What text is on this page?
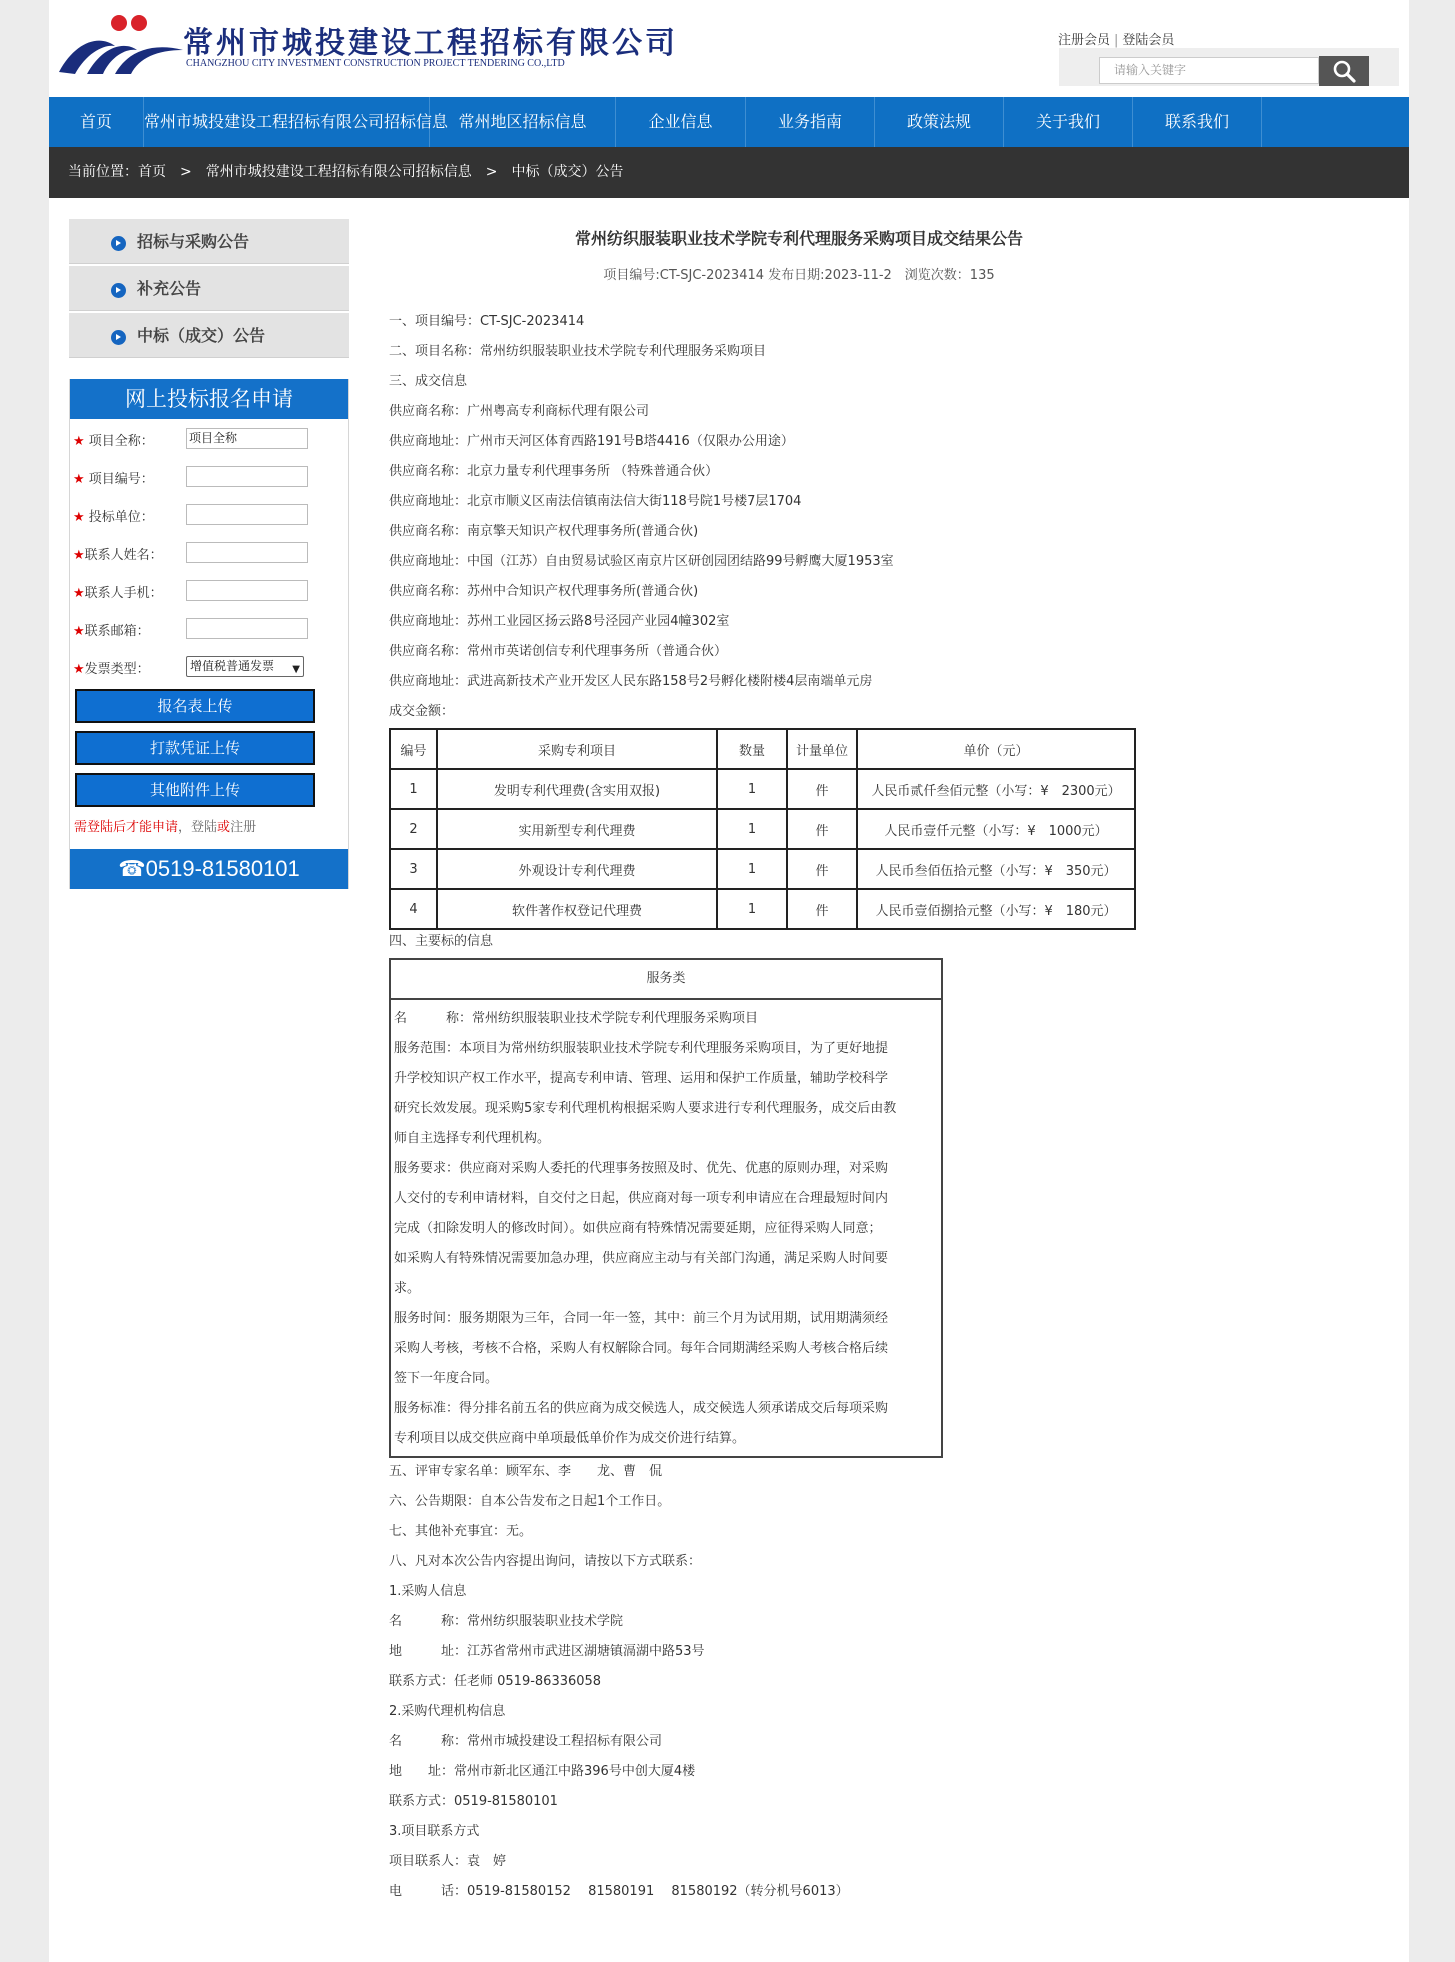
常州市城投建设工程招标有限公司
CHANGZHOU CITY INVESTMENT CONSTRUCTION PROJECT TENDERING CO.,LTD
注册会员 | 登陆会员
请输入关键字
首页	常州市城投建设工程招标有限公司招标信息 常州地区招标信息	企业信息	业务指南	政策法规	关于我们	联系我们
当前位置：首页 > 常州市城投建设工程招标有限公司招标信息 > 中标（成交）公告
招标与采购公告
补充公告
中标（成交）公告
网上投标报名申请
★ 项目全称：	项目全称
★ 项目编号：
★ 投标单位：
★联系人姓名：
★联系人手机：
★联系邮箱：
★发票类型：	增值税普通发票 ▼
报名表上传
打款凭证上传
其他附件上传
需登陆后才能申请，登陆或注册
☎0519-81580101
常州纺织服装职业技术学院专利代理服务采购项目成交结果公告
项目编号:CT-SJC-2023414 发布日期:2023-11-2　浏览次数：135
一、项目编号：CT-SJC-2023414
二、项目名称：常州纺织服装职业技术学院专利代理服务采购项目
三、成交信息
供应商名称：广州粤高专利商标代理有限公司
供应商地址：广州市天河区体育西路191号B塔4416（仅限办公用途）
供应商名称：北京力量专利代理事务所 （特殊普通合伙）
供应商地址：北京市顺义区南法信镇南法信大街118号院1号楼7层1704
供应商名称：南京擎天知识产权代理事务所(普通合伙)
供应商地址：中国（江苏）自由贸易试验区南京片区研创园团结路99号孵鹰大厦1953室
供应商名称：苏州中合知识产权代理事务所(普通合伙)
供应商地址：苏州工业园区扬云路8号泾园产业园4幢302室
供应商名称：常州市英诺创信专利代理事务所（普通合伙）
供应商地址：武进高新技术产业开发区人民东路158号2号孵化楼附楼4层南端单元房
成交金额：
编号	采购专利项目	数量	计量单位	单价（元）
1	发明专利代理费(含实用双报)	1	件	人民币贰仟叁佰元整（小写：¥　2300元）
2	实用新型专利代理费	1	件	人民币壹仟元整（小写：¥　1000元）
3	外观设计专利代理费	1	件	人民币叁佰伍拾元整（小写：¥　350元）
4	软件著作权登记代理费	1	件	人民币壹佰捌拾元整（小写：¥　180元）
四、主要标的信息
服务类
名　　　称：常州纺织服装职业技术学院专利代理服务采购项目
服务范围：本项目为常州纺织服装职业技术学院专利代理服务采购项目，为了更好地提
升学校知识产权工作水平，提高专利申请、管理、运用和保护工作质量，辅助学校科学
研究长效发展。现采购5家专利代理机构根据采购人要求进行专利代理服务，成交后由教
师自主选择专利代理机构。
服务要求：供应商对采购人委托的代理事务按照及时、优先、优惠的原则办理，对采购
人交付的专利申请材料，自交付之日起，供应商对每一项专利申请应在合理最短时间内
完成（扣除发明人的修改时间）。如供应商有特殊情况需要延期，应征得采购人同意；
如采购人有特殊情况需要加急办理，供应商应主动与有关部门沟通，满足采购人时间要
求。
服务时间：服务期限为三年，合同一年一签，其中：前三个月为试用期，试用期满须经
采购人考核，考核不合格，采购人有权解除合同。每年合同期满经采购人考核合格后续
签下一年度合同。
服务标准：得分排名前五名的供应商为成交候选人，成交候选人须承诺成交后每项采购
专利项目以成交供应商中单项最低单价作为成交价进行结算。
五、评审专家名单：顾军东、李　　龙、曹　侃
六、公告期限：自本公告发布之日起1个工作日。
七、其他补充事宜：无。
八、凡对本次公告内容提出询问，请按以下方式联系：
1.采购人信息
名　　　称：常州纺织服装职业技术学院
地　　　址：江苏省常州市武进区湖塘镇滆湖中路53号
联系方式：任老师 0519-86336058
2.采购代理机构信息
名　　　称：常州市城投建设工程招标有限公司
地　　址：常州市新北区通江中路396号中创大厦4楼
联系方式：0519-81580101
3.项目联系方式
项目联系人：袁　婷
电　　　话：0519-81580152　 81580191　 81580192（转分机号6013）
